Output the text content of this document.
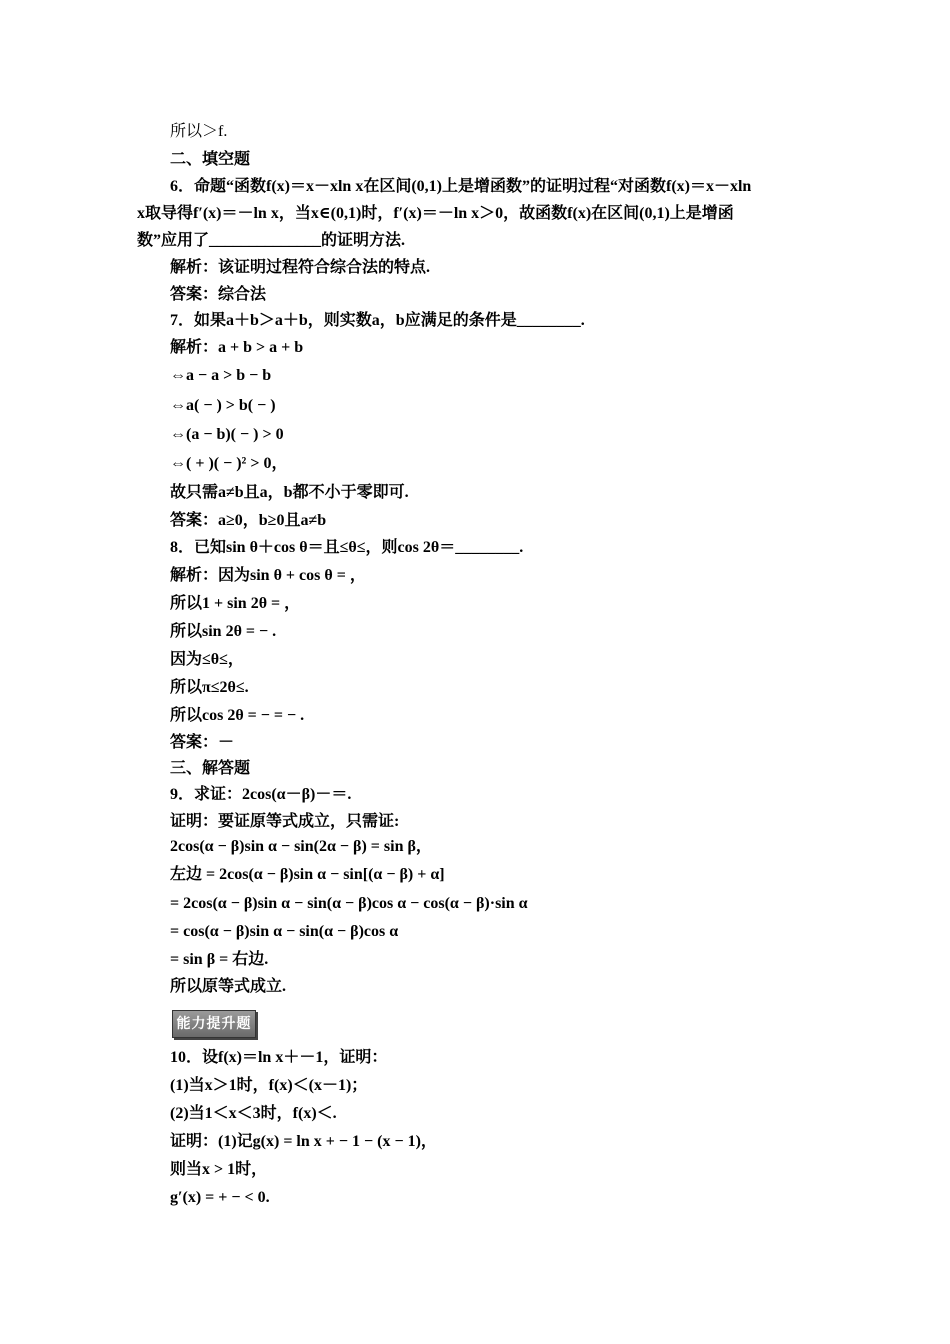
所以＞f.
二、填空题
6．命题“函数f(x)＝x－xln x在区间(0,1)上是增函数”的证明过程“对函数f(x)＝x－xln
x取导得f′(x)＝－ln x，当x∈(0,1)时，f′(x)＝－ln x＞0，故函数f(x)在区间(0,1)上是增函
数”应用了______________的证明方法.
解析：该证明过程符合综合法的特点.
答案：综合法
7．如果a＋b＞a＋b，则实数a，b应满足的条件是________.
解析：a + b > a + b
⇔a − a > b − b
⇔a( − ) > b( − )
⇔(a − b)( − ) > 0
⇔( + )( − )² > 0，
故只需a≠b且a，b都不小于零即可.
答案：a≥0，b≥0且a≠b
8．已知sin θ＋cos θ＝且≤θ≤，则cos 2θ＝________.
解析：因为sin θ + cos θ = ，
所以1 + sin 2θ = ，
所以sin 2θ = − .
因为≤θ≤，
所以π≤2θ≤.
所以cos 2θ = − = − .
答案：－
三、解答题
9．求证：2cos(α－β)－＝.
证明：要证原等式成立，只需证:
2cos(α − β)sin α − sin(2α − β) = sin β，
左边 = 2cos(α − β)sin α − sin[(α − β) + α]
= 2cos(α − β)sin α − sin(α − β)cos α − cos(α − β)·sin α
= cos(α − β)sin α − sin(α − β)cos α
= sin β = 右边.
所以原等式成立.
能力提升题
10．设f(x)＝ln x＋－1，证明：
(1)当x＞1时，f(x)＜(x－1)；
(2)当1＜x＜3时，f(x)＜.
证明：(1)记g(x) = ln x + − 1 − (x − 1)，
则当x > 1时，
g′(x) = + − < 0.
